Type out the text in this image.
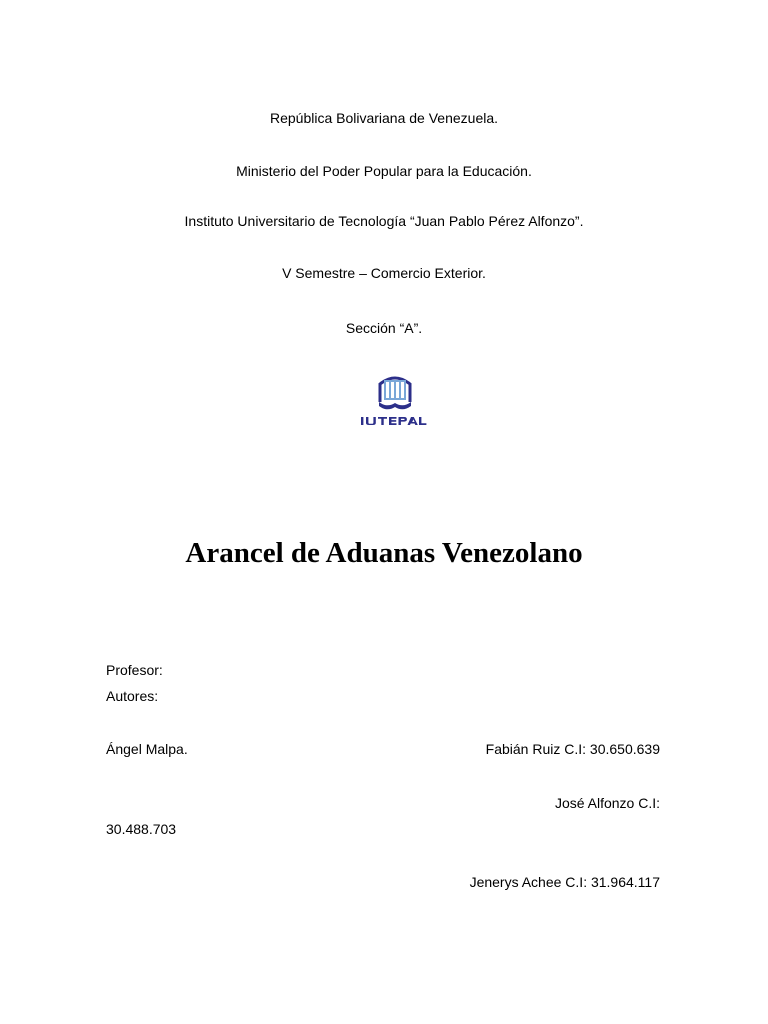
República Bolivariana de Venezuela.
Ministerio del Poder Popular para la Educación.
Instituto Universitario de Tecnología “Juan Pablo Pérez Alfonzo”.
V Semestre – Comercio Exterior.
Sección “A”.
Arancel de Aduanas Venezolano
Profesor:
Autores:
Ángel Malpa.	Fabián Ruiz C.I: 30.650.639
José Alfonzo C.I:
30.488.703
Jenerys Achee C.I: 31.964.117
